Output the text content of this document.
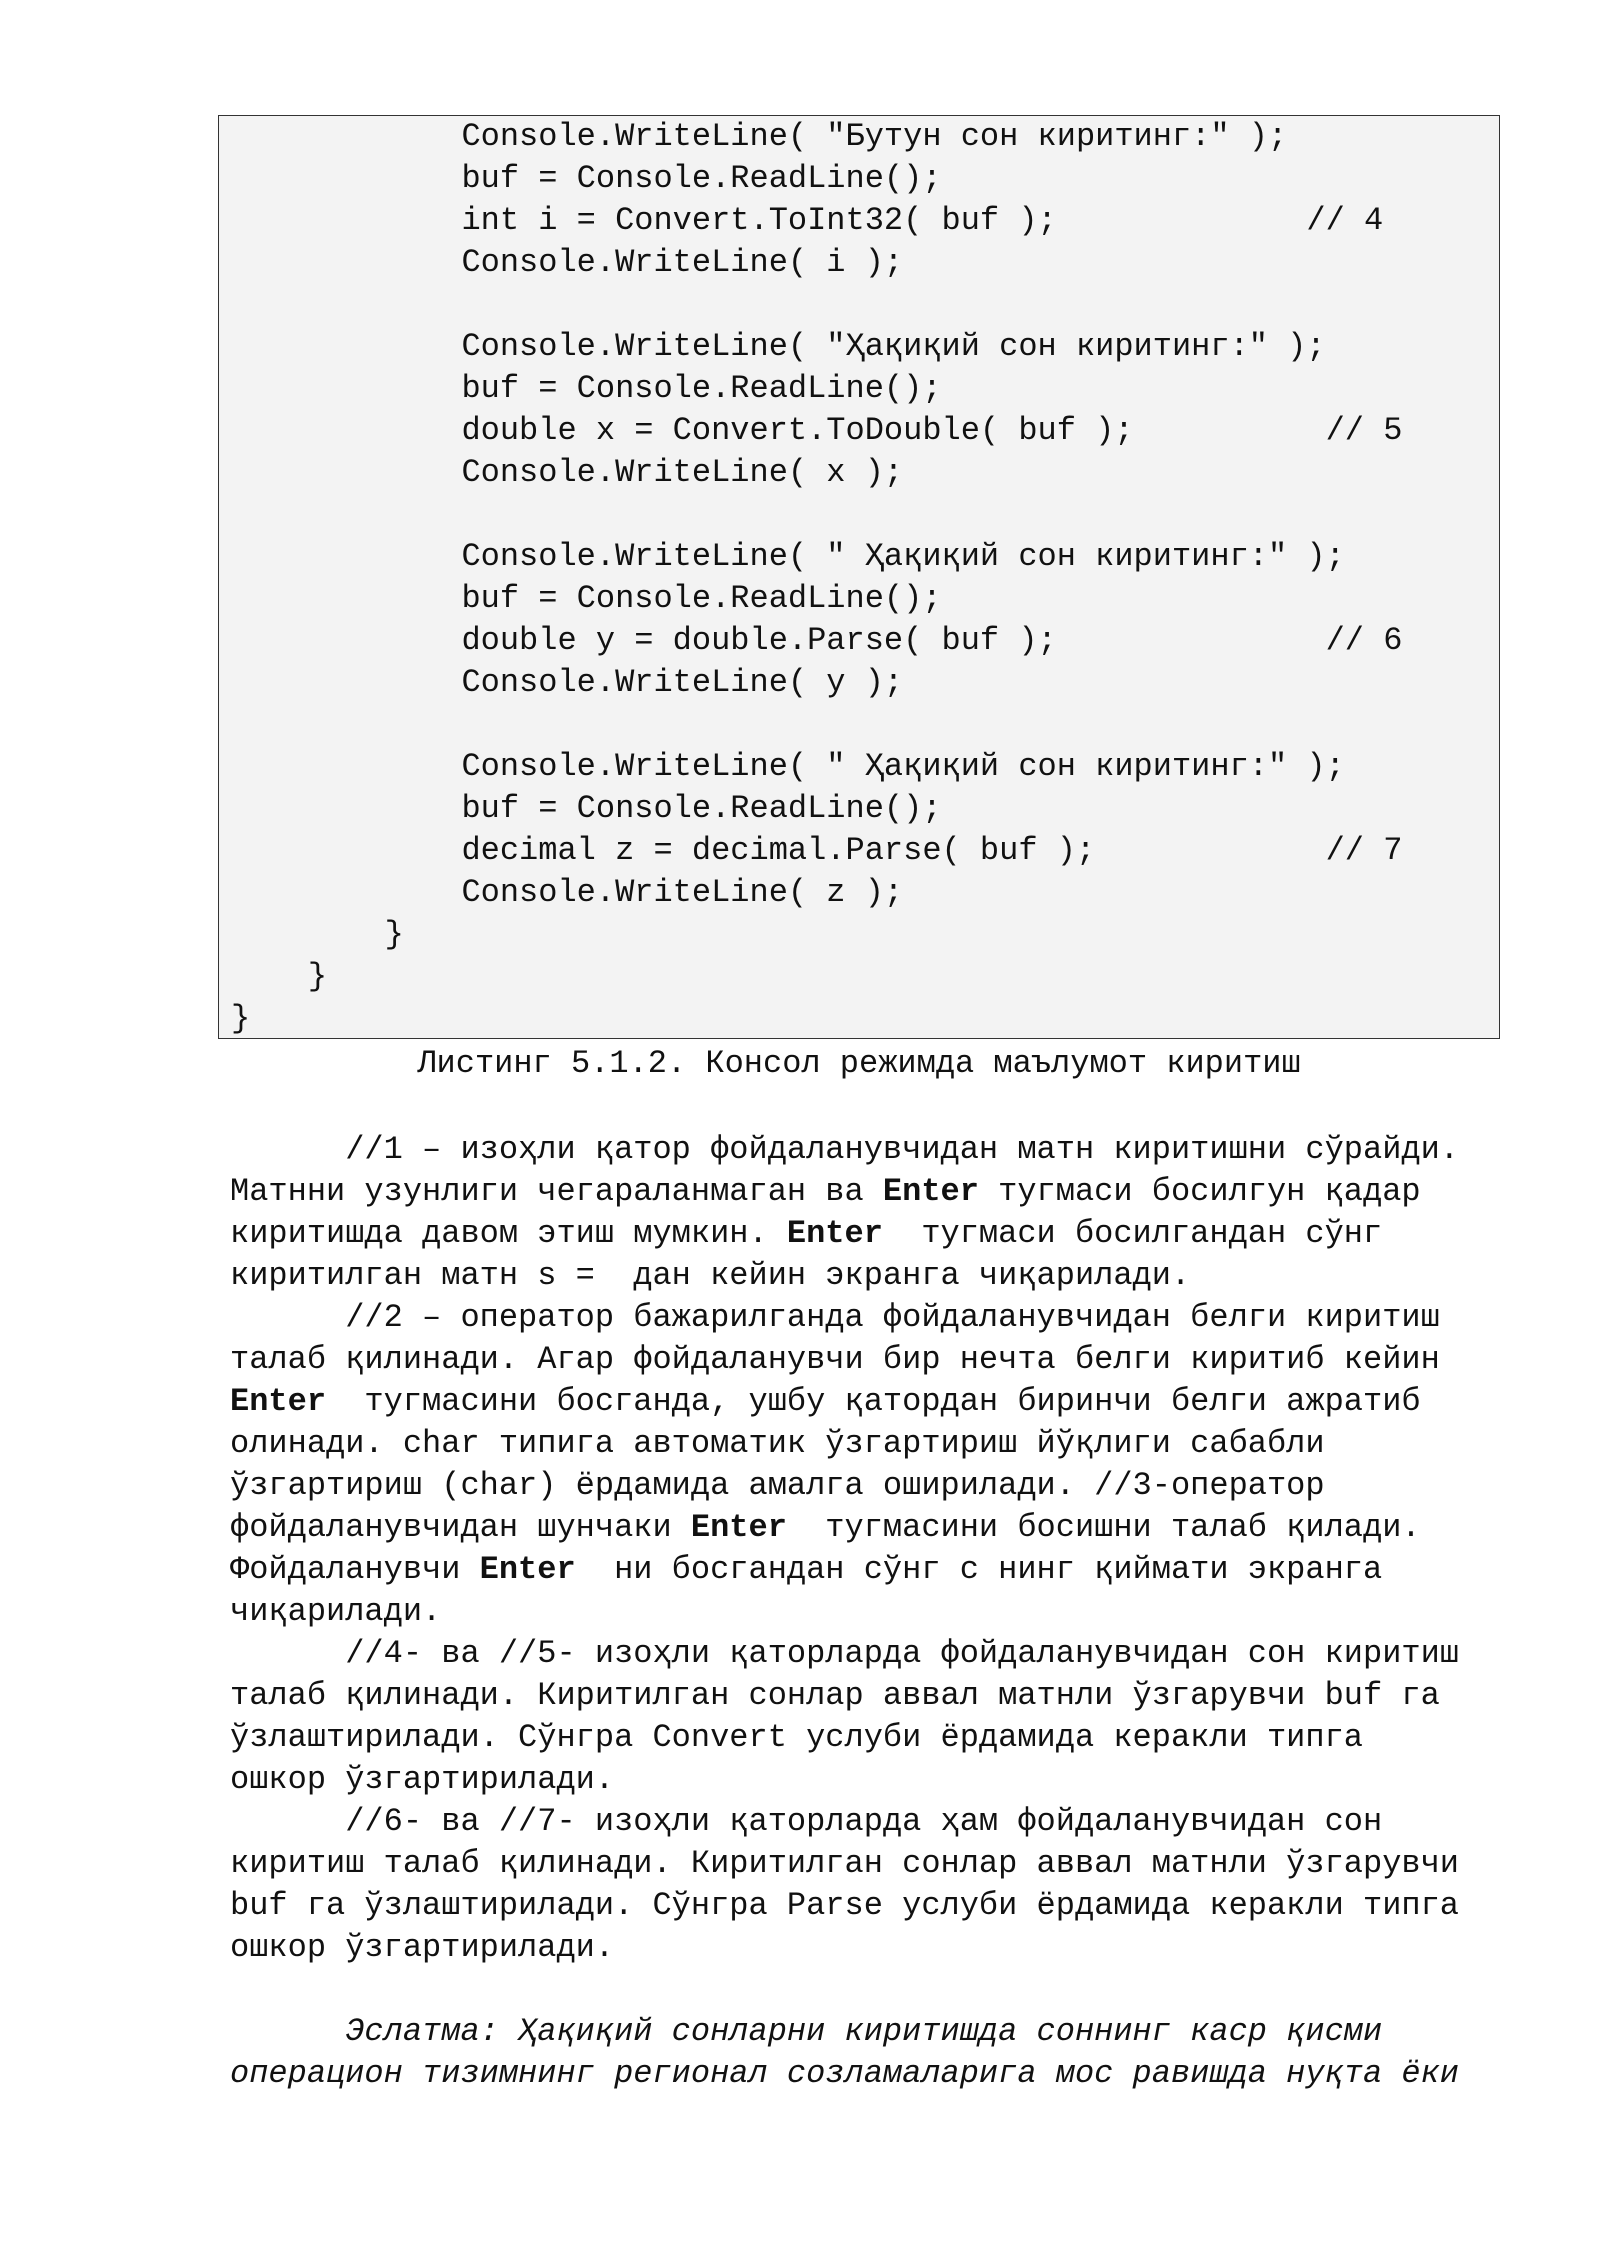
Console.WriteLine( "Бутун сон киритинг:" );
buf = Console.ReadLine();
int i = Convert.ToInt32( buf );             // 4
Console.WriteLine( i );
Console.WriteLine( "Ҳақиқий сон киритинг:" );
buf = Console.ReadLine();
double x = Convert.ToDouble( buf );          // 5
Console.WriteLine( x );
Console.WriteLine( " Ҳақиқий сон киритинг:" );
buf = Console.ReadLine();
double y = double.Parse( buf );              // 6
Console.WriteLine( y );
Console.WriteLine( " Ҳақиқий сон киритинг:" );
buf = Console.ReadLine();
decimal z = decimal.Parse( buf );            // 7
Console.WriteLine( z );
}
}
}
Листинг 5.1.2. Консол режимда маълумот киритиш
//1 – изоҳли қатор фойдаланувчидан матн киритишни сўрайди.
Матнни узунлиги чегараланмаган ва Enter тугмаси босилгун қадар
киритишда давом этиш мумкин. Enter  тугмаси босилгандан сўнг
киритилган матн s =  дан кейин экранга чиқарилади.
//2 – оператор бажарилганда фойдаланувчидан белги киритиш
талаб қилинади. Агар фойдаланувчи бир нечта белги киритиб кейин
Enter  тугмасини босганда, ушбу қатордан биринчи белги ажратиб
олинади. char типига автоматик ўзгартириш йўқлиги сабабли
ўзгартириш (char) ёрдамида амалга оширилади. //3-оператор
фойдаланувчидан шунчаки Enter  тугмасини босишни талаб қилади.
Фойдаланувчи Enter  ни босгандан сўнг с нинг қиймати экранга
чиқарилади.
//4- ва //5- изоҳли қаторларда фойдаланувчидан сон киритиш
талаб қилинади. Киритилган сонлар аввал матнли ўзгарувчи buf га
ўзлаштирилади. Сўнгра Convert услуби ёрдамида керакли типга
ошкор ўзгартирилади.
//6- ва //7- изоҳли қаторларда ҳам фойдаланувчидан сон
киритиш талаб қилинади. Киритилган сонлар аввал матнли ўзгарувчи
buf га ўзлаштирилади. Сўнгра Parse услуби ёрдамида керакли типга
ошкор ўзгартирилади.
Эслатма: Ҳақиқий сонларни киритишда соннинг каср қисми
операцион тизимнинг регионал созламаларига мос равишда нуқта ёки
